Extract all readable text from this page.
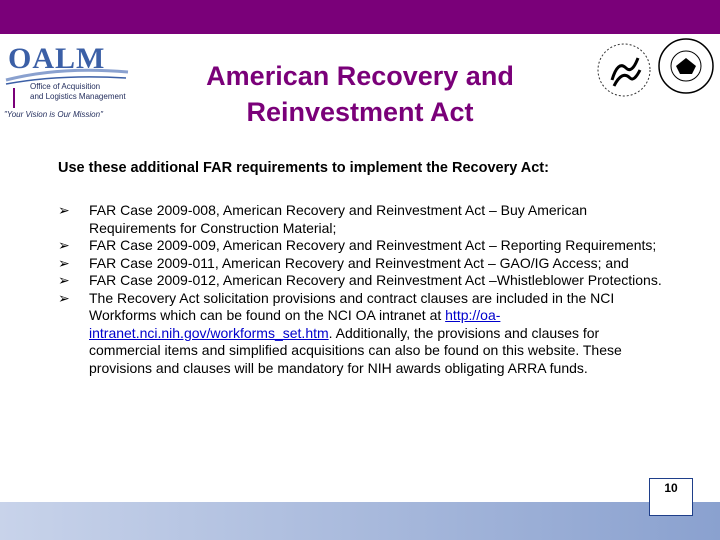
OALM
Office of Acquisition
and Logistics Management
"Your Vision is Our Mission"
American Recovery and
Reinvestment Act
Use these additional FAR requirements to implement the Recovery Act:
➢ FAR Case 2009-008, American Recovery and Reinvestment Act – Buy American Requirements for Construction Material;
➢ FAR Case 2009-009, American Recovery and Reinvestment Act – Reporting Requirements;
➢ FAR Case 2009-011, American Recovery and Reinvestment Act – GAO/IG Access; and
➢ FAR Case 2009-012, American Recovery and Reinvestment Act –Whistleblower Protections.
➢ The Recovery Act solicitation provisions and contract clauses are included in the NCI Workforms which can be found on the NCI OA intranet at http://oa-intranet.nci.nih.gov/workforms_set.htm. Additionally, the provisions and clauses for commercial items and simplified acquisitions can also be found on this website. These provisions and clauses will be mandatory for NIH awards obligating ARRA funds.
10
